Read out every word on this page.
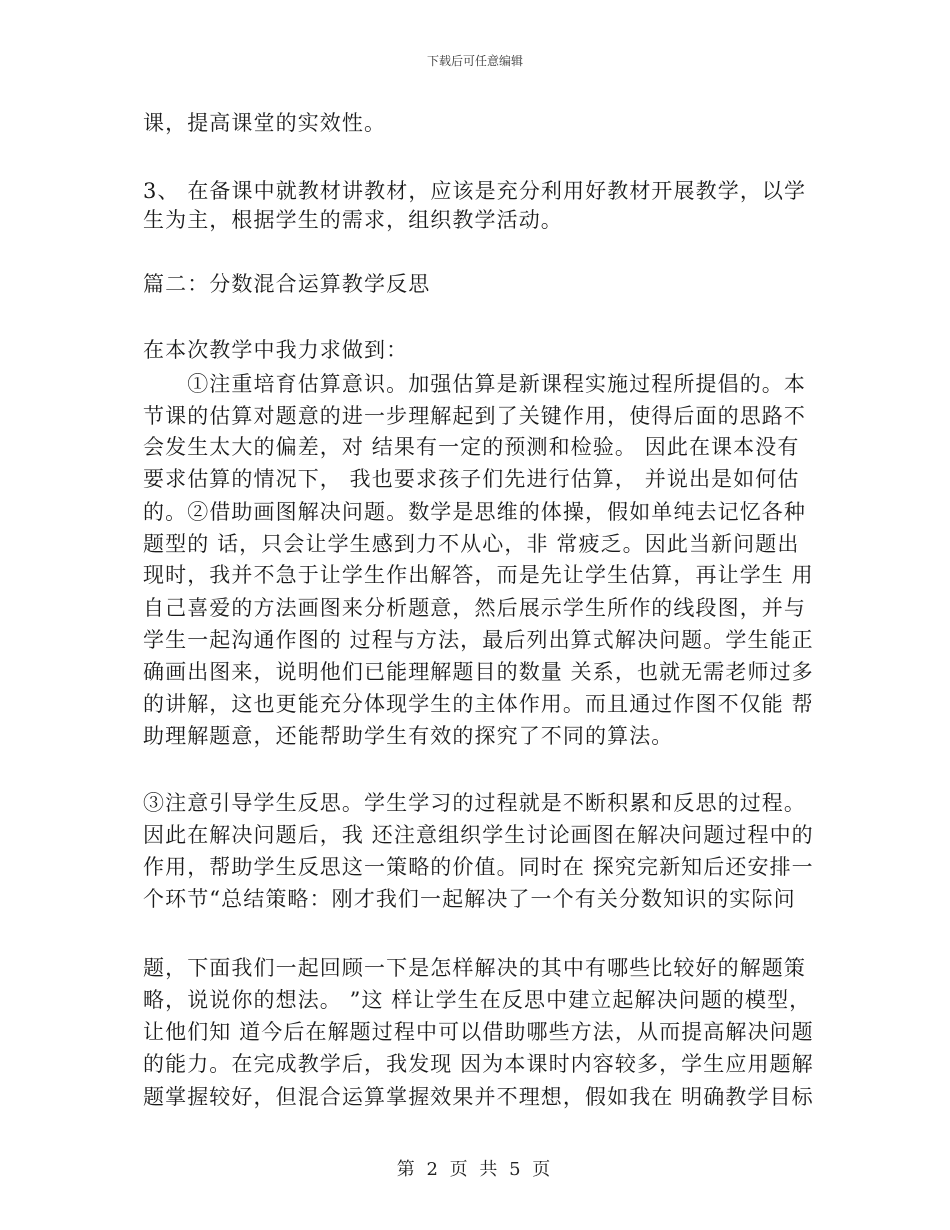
下载后可任意编辑
课，提高课堂的实效性。
3、 在备课中就教材讲教材，应该是充分利用好教材开展教学，以学
生为主，根据学生的需求，组织教学活动。
篇二：分数混合运算教学反思
在本次教学中我力求做到：
　　①注重培育估算意识。加强估算是新课程实施过程所提倡的。本
节课的估算对题意的进一步理解起到了关键作用，使得后面的思路不
会发生太大的偏差，对 结果有一定的预测和检验。 因此在课本没有
要求估算的情况下， 我也要求孩子们先进行估算， 并说出是如何估
的。②借助画图解决问题。数学是思维的体操，假如单纯去记忆各种
题型的 话，只会让学生感到力不从心，非 常疲乏。因此当新问题出
现时，我并不急于让学生作出解答，而是先让学生估算，再让学生 用
自己喜爱的方法画图来分析题意，然后展示学生所作的线段图，并与
学生一起沟通作图的 过程与方法，最后列出算式解决问题。学生能正
确画出图来，说明他们已能理解题目的数量 关系，也就无需老师过多
的讲解，这也更能充分体现学生的主体作用。而且通过作图不仅能 帮
助理解题意，还能帮助学生有效的探究了不同的算法。
③注意引导学生反思。学生学习的过程就是不断积累和反思的过程。
因此在解决问题后，我 还注意组织学生讨论画图在解决问题过程中的
作用，帮助学生反思这一策略的价值。同时在 探究完新知后还安排一
个环节“总结策略：刚才我们一起解决了一个有关分数知识的实际问
题，下面我们一起回顾一下是怎样解决的其中有哪些比较好的解题策
略，说说你的想法。 ”这 样让学生在反思中建立起解决问题的模型，
让他们知 道今后在解题过程中可以借助哪些方法，从而提高解决问题
的能力。在完成教学后，我发现 因为本课时内容较多，学生应用题解
题掌握较好，但混合运算掌握效果并不理想，假如我在 明确教学目标
第 2 页 共 5 页
